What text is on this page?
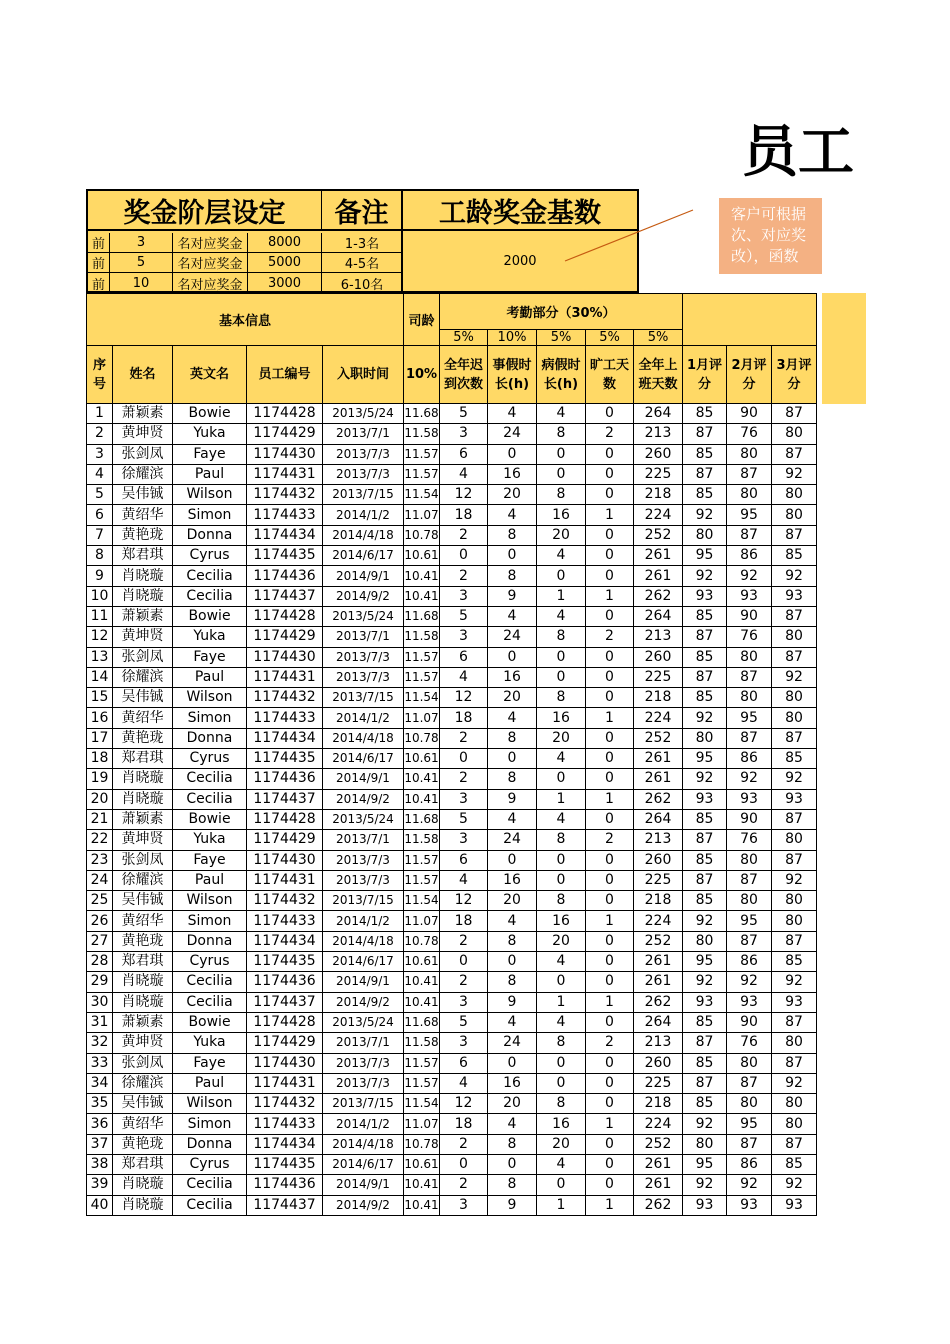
员工
奖金阶层设定	备注	工龄奖金基数
前	3	名对应奖金	8000	1-3名
前	5	名对应奖金	5000	4-5名
前	10	名对应奖金	3000	6-10名
2000
客户可根据
次、对应奖
改），函数
基本信息					司龄	考勤部分（30%）							
						5%	10%	5%	5%	5%			
序号	姓名	英文名	员工编号	入职时间	10%	全年迟到次数	事假时长(h)	病假时长(h)	旷工天数	全年上班天数	1月评分	2月评分	3月评分
1	萧颖素	Bowie	1174428	2013/5/24	11.68	5	4	4	0	264	85	90	87
2	黄坤贤	Yuka	1174429	2013/7/1	11.58	3	24	8	2	213	87	76	80
3	张剑凤	Faye	1174430	2013/7/3	11.57	6	0	0	0	260	85	80	87
4	徐耀滨	Paul	1174431	2013/7/3	11.57	4	16	0	0	225	87	87	92
5	吴伟铖	Wilson	1174432	2013/7/15	11.54	12	20	8	0	218	85	80	80
6	黄绍华	Simon	1174433	2014/1/2	11.07	18	4	16	1	224	92	95	80
7	黄艳珑	Donna	1174434	2014/4/18	10.78	2	8	20	0	252	80	87	87
8	郑君琪	Cyrus	1174435	2014/6/17	10.61	0	0	4	0	261	95	86	85
9	肖晓璇	Cecilia	1174436	2014/9/1	10.41	2	8	0	0	261	92	92	92
10	肖晓璇	Cecilia	1174437	2014/9/2	10.41	3	9	1	1	262	93	93	93
11	萧颖素	Bowie	1174428	2013/5/24	11.68	5	4	4	0	264	85	90	87
12	黄坤贤	Yuka	1174429	2013/7/1	11.58	3	24	8	2	213	87	76	80
13	张剑凤	Faye	1174430	2013/7/3	11.57	6	0	0	0	260	85	80	87
14	徐耀滨	Paul	1174431	2013/7/3	11.57	4	16	0	0	225	87	87	92
15	吴伟铖	Wilson	1174432	2013/7/15	11.54	12	20	8	0	218	85	80	80
16	黄绍华	Simon	1174433	2014/1/2	11.07	18	4	16	1	224	92	95	80
17	黄艳珑	Donna	1174434	2014/4/18	10.78	2	8	20	0	252	80	87	87
18	郑君琪	Cyrus	1174435	2014/6/17	10.61	0	0	4	0	261	95	86	85
19	肖晓璇	Cecilia	1174436	2014/9/1	10.41	2	8	0	0	261	92	92	92
20	肖晓璇	Cecilia	1174437	2014/9/2	10.41	3	9	1	1	262	93	93	93
21	萧颖素	Bowie	1174428	2013/5/24	11.68	5	4	4	0	264	85	90	87
22	黄坤贤	Yuka	1174429	2013/7/1	11.58	3	24	8	2	213	87	76	80
23	张剑凤	Faye	1174430	2013/7/3	11.57	6	0	0	0	260	85	80	87
24	徐耀滨	Paul	1174431	2013/7/3	11.57	4	16	0	0	225	87	87	92
25	吴伟铖	Wilson	1174432	2013/7/15	11.54	12	20	8	0	218	85	80	80
26	黄绍华	Simon	1174433	2014/1/2	11.07	18	4	16	1	224	92	95	80
27	黄艳珑	Donna	1174434	2014/4/18	10.78	2	8	20	0	252	80	87	87
28	郑君琪	Cyrus	1174435	2014/6/17	10.61	0	0	4	0	261	95	86	85
29	肖晓璇	Cecilia	1174436	2014/9/1	10.41	2	8	0	0	261	92	92	92
30	肖晓璇	Cecilia	1174437	2014/9/2	10.41	3	9	1	1	262	93	93	93
31	萧颖素	Bowie	1174428	2013/5/24	11.68	5	4	4	0	264	85	90	87
32	黄坤贤	Yuka	1174429	2013/7/1	11.58	3	24	8	2	213	87	76	80
33	张剑凤	Faye	1174430	2013/7/3	11.57	6	0	0	0	260	85	80	87
34	徐耀滨	Paul	1174431	2013/7/3	11.57	4	16	0	0	225	87	87	92
35	吴伟铖	Wilson	1174432	2013/7/15	11.54	12	20	8	0	218	85	80	80
36	黄绍华	Simon	1174433	2014/1/2	11.07	18	4	16	1	224	92	95	80
37	黄艳珑	Donna	1174434	2014/4/18	10.78	2	8	20	0	252	80	87	87
38	郑君琪	Cyrus	1174435	2014/6/17	10.61	0	0	4	0	261	95	86	85
39	肖晓璇	Cecilia	1174436	2014/9/1	10.41	2	8	0	0	261	92	92	92
40	肖晓璇	Cecilia	1174437	2014/9/2	10.41	3	9	1	1	262	93	93	93
